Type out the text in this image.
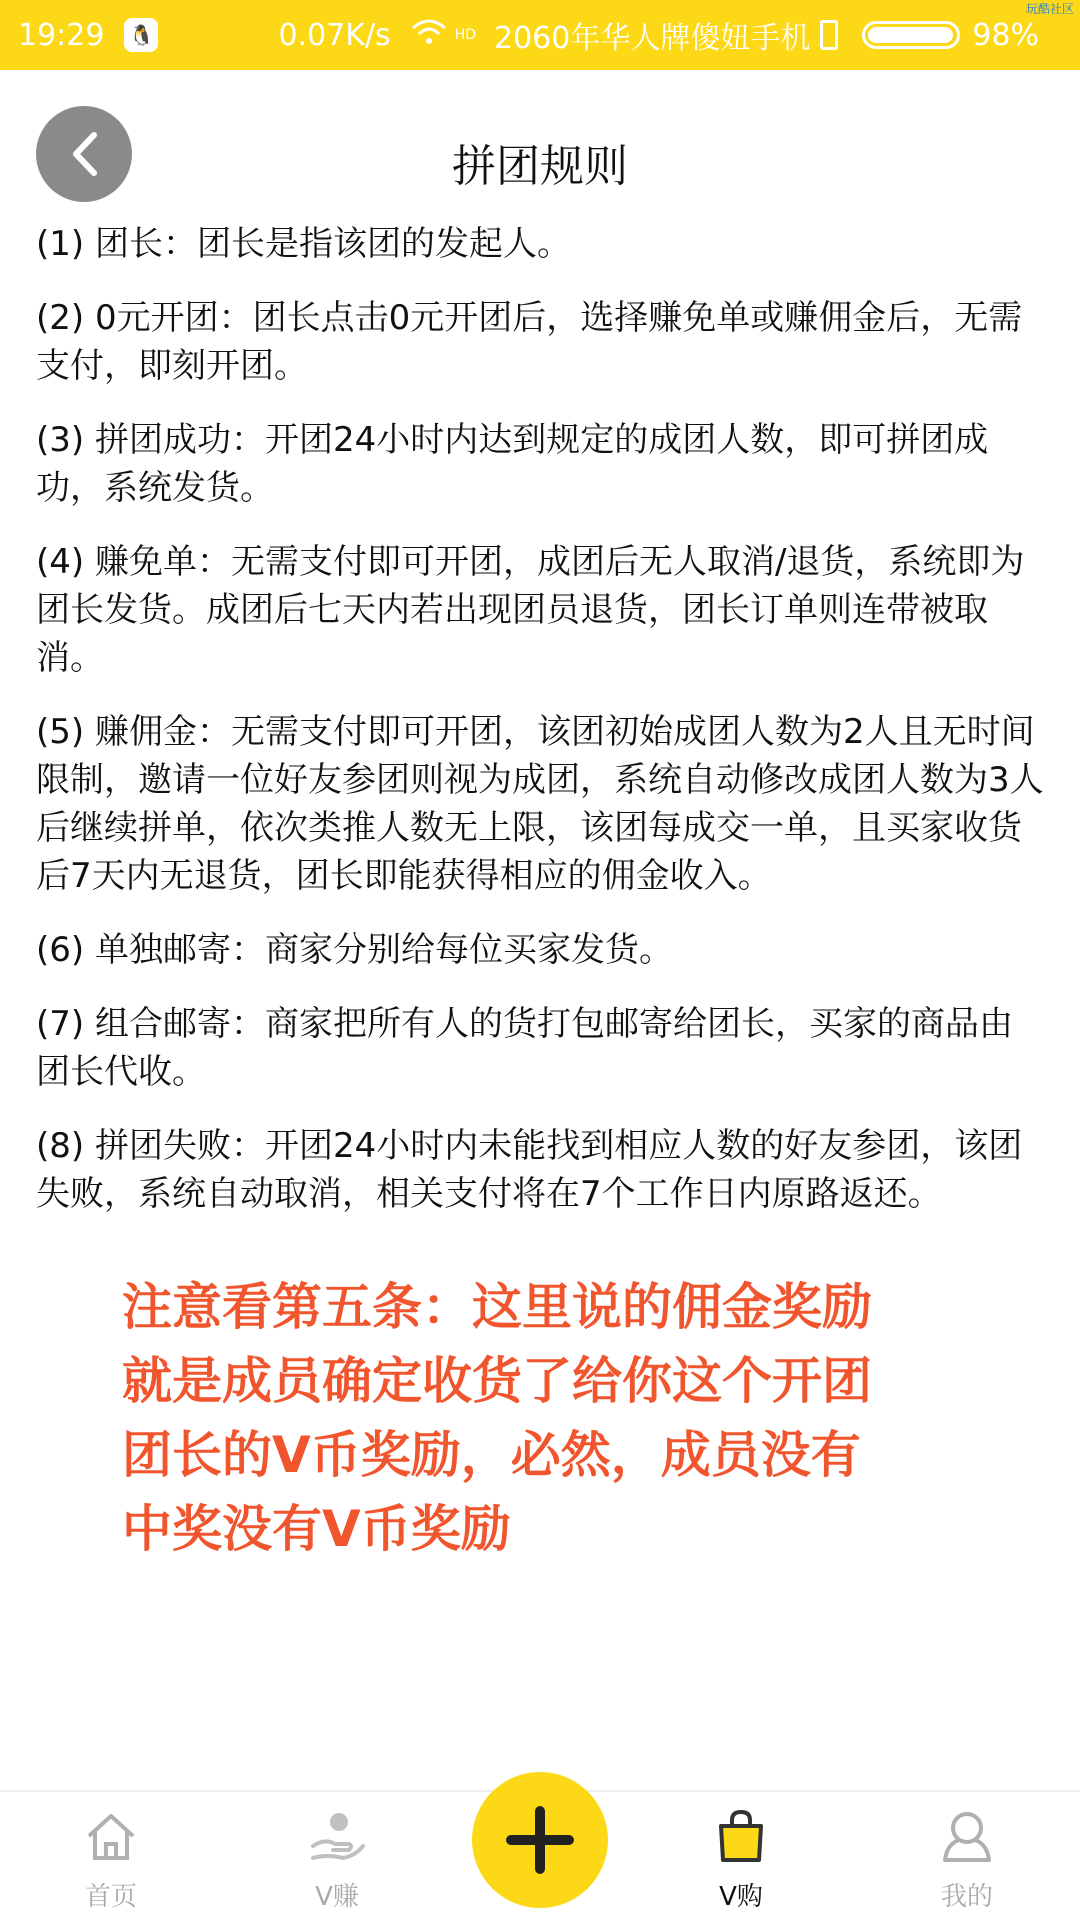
19:29 🐧	0.07K/s	HD 2060年华人牌傻妞手机	98%
玩酷社区
拼团规则

(1) 团长：团长是指该团的发起人。

(2) 0元开团：团长点击0元开团后，选择赚免单或赚佣金后，无需支付，即刻开团。

(3) 拼团成功：开团24小时内达到规定的成团人数，即可拼团成功，系统发货。

(4) 赚免单：无需支付即可开团，成团后无人取消/退货，系统即为团长发货。成团后七天内若出现团员退货，团长订单则连带被取消。

(5) 赚佣金：无需支付即可开团，该团初始成团人数为2人且无时间限制，邀请一位好友参团则视为成团，系统自动修改成团人数为3人后继续拼单，依次类推人数无上限，该团每成交一单，且买家收货后7天内无退货，团长即能获得相应的佣金收入。

(6) 单独邮寄：商家分别给每位买家发货。

(7) 组合邮寄：商家把所有人的货打包邮寄给团长，买家的商品由团长代收。

(8) 拼团失败：开团24小时内未能找到相应人数的好友参团，该团失败，系统自动取消，相关支付将在7个工作日内原路返还。

注意看第五条：这里说的佣金奖励就是成员确定收货了给你这个开团团长的V币奖励，必然，成员没有中奖没有V币奖励
首页	V赚	V购	我的
